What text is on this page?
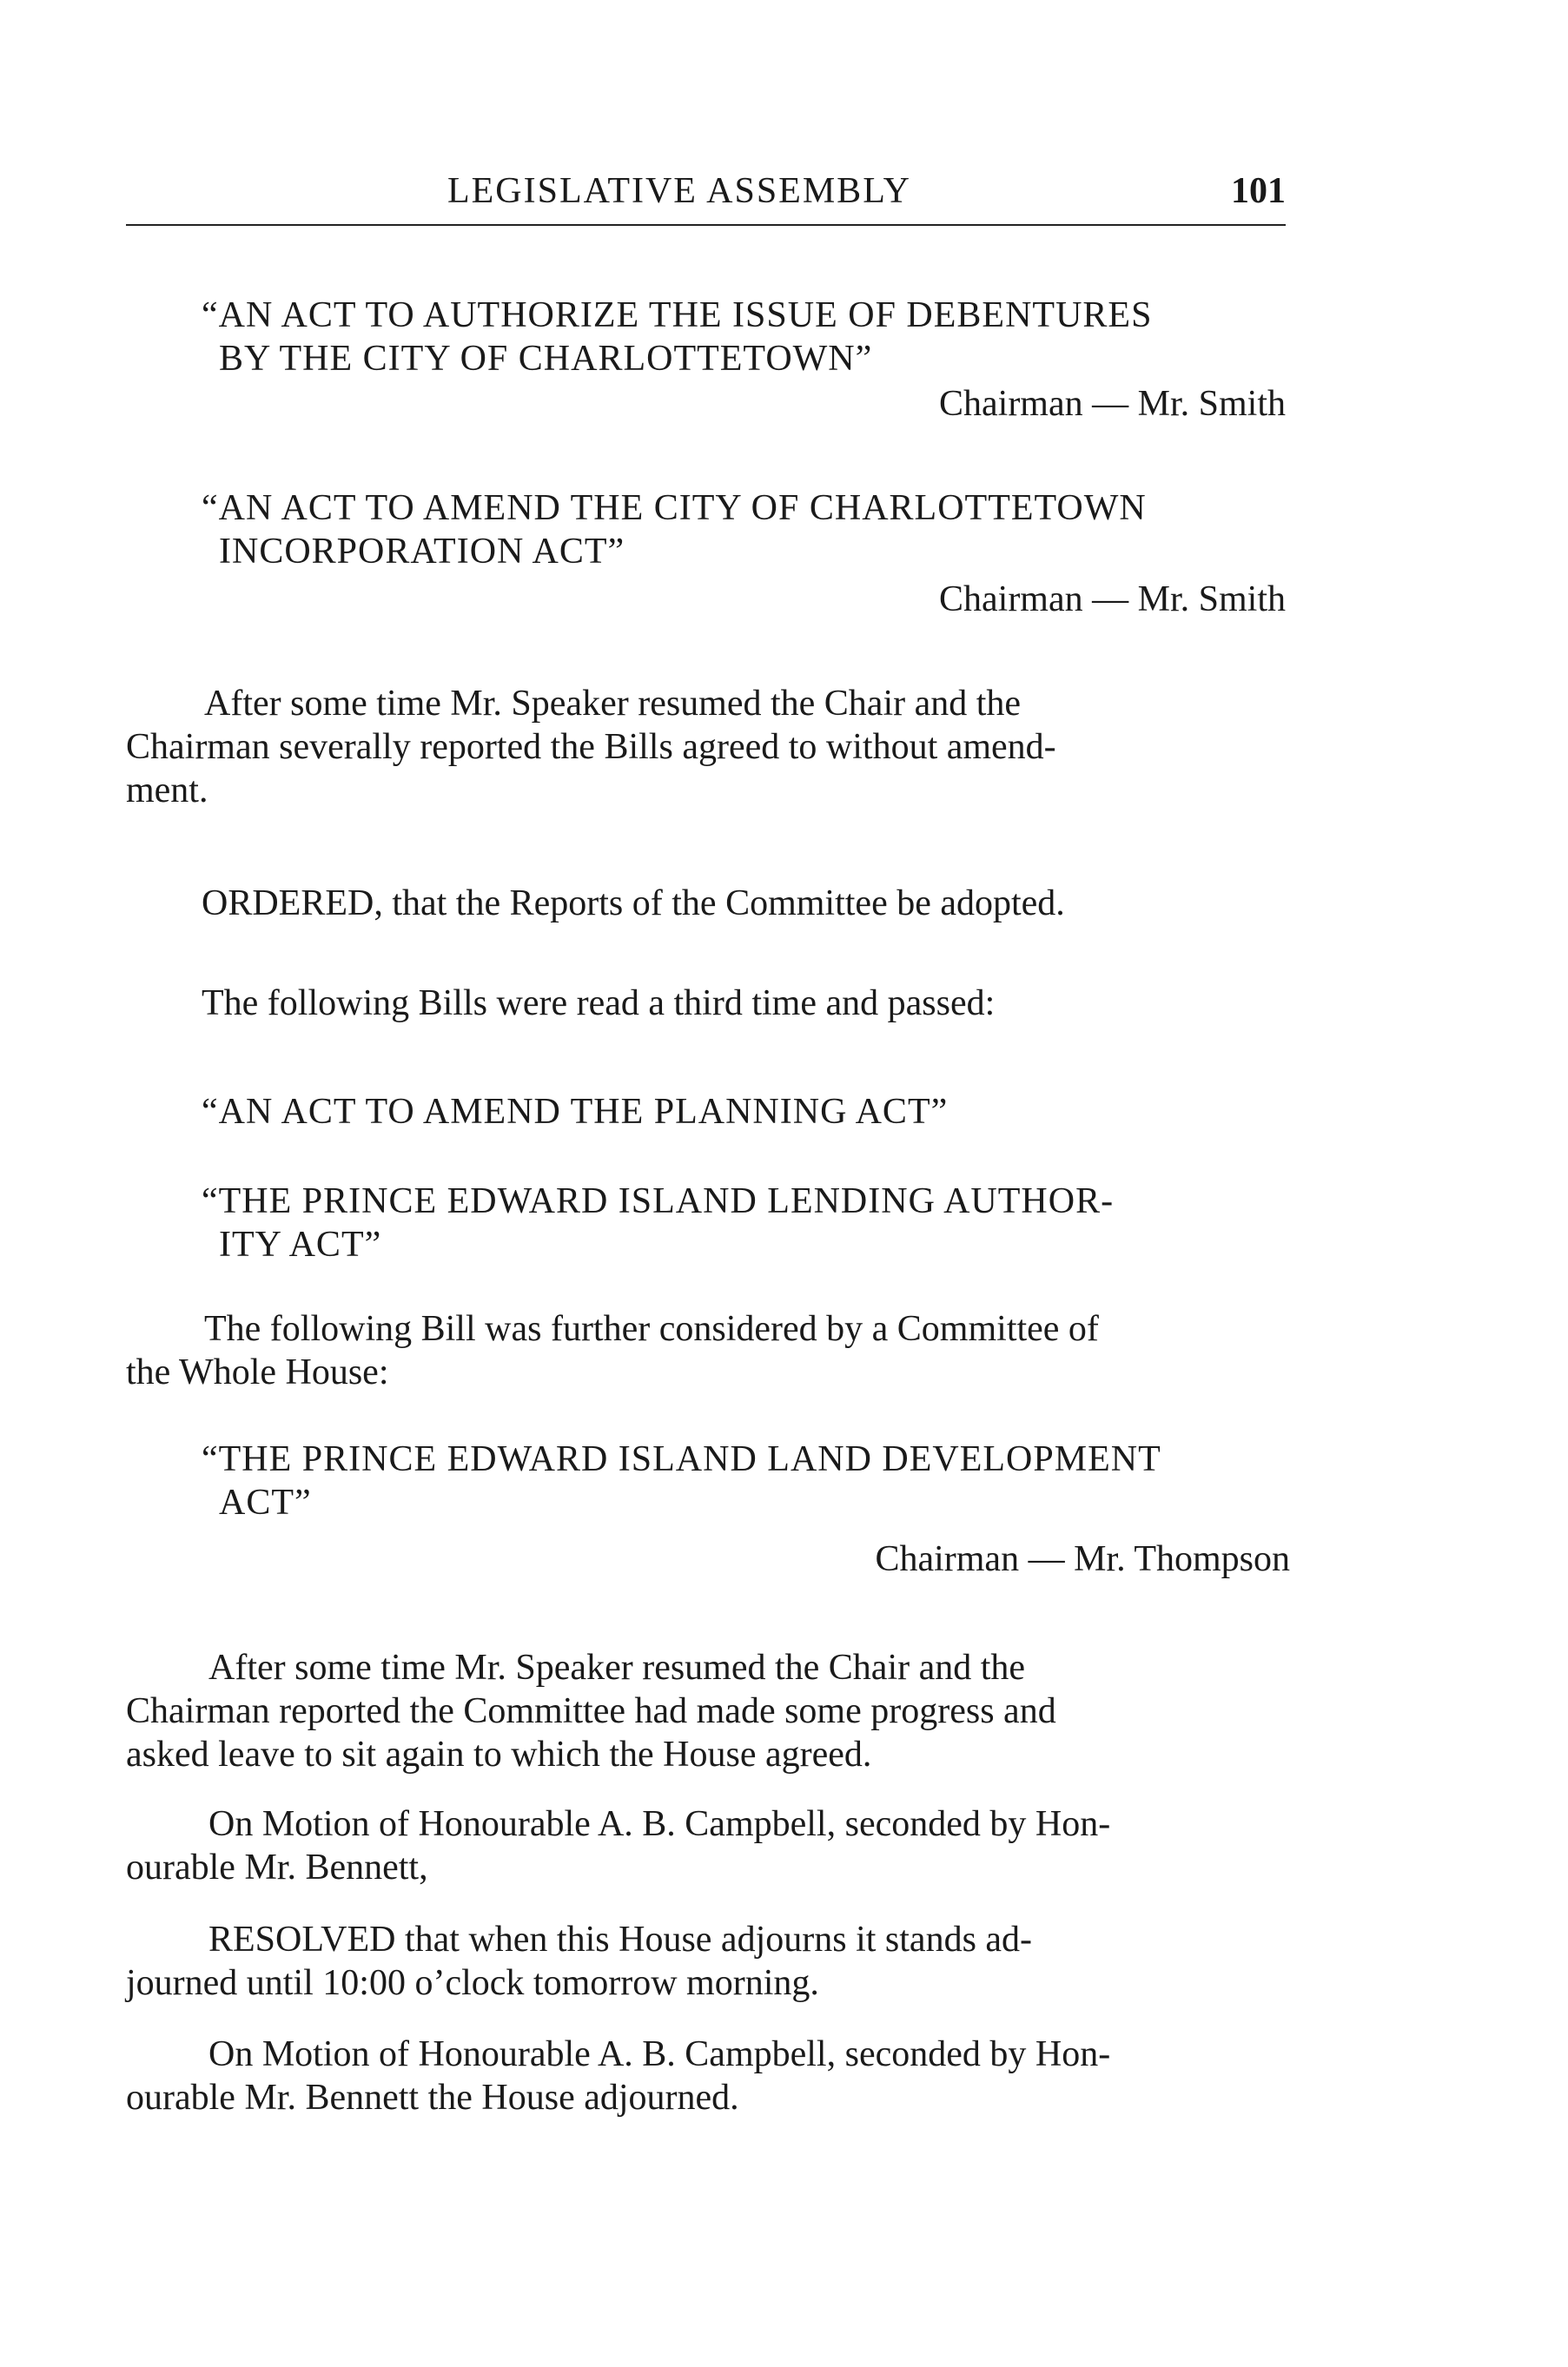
LEGISLATIVE ASSEMBLY	101
“AN ACT TO AUTHORIZE THE ISSUE OF DEBENTURES
BY THE CITY OF CHARLOTTETOWN”
Chairman — Mr. Smith
“AN ACT TO AMEND THE CITY OF CHARLOTTETOWN
INCORPORATION ACT”
Chairman — Mr. Smith
After some time Mr. Speaker resumed the Chair and the
Chairman severally reported the Bills agreed to without amend-
ment.
ORDERED, that the Reports of the Committee be adopted.
The following Bills were read a third time and passed:
“AN ACT TO AMEND THE PLANNING ACT”
“THE PRINCE EDWARD ISLAND LENDING AUTHOR-
ITY ACT”
The following Bill was further considered by a Committee of
the Whole House:
“THE PRINCE EDWARD ISLAND LAND DEVELOPMENT
ACT”
Chairman — Mr. Thompson
After some time Mr. Speaker resumed the Chair and the
Chairman reported the Committee had made some progress and
asked leave to sit again to which the House agreed.
On Motion of Honourable A. B. Campbell, seconded by Hon-
ourable Mr. Bennett,
RESOLVED that when this House adjourns it stands ad-
journed until 10:00 o’clock tomorrow morning.
On Motion of Honourable A. B. Campbell, seconded by Hon-
ourable Mr. Bennett the House adjourned.
